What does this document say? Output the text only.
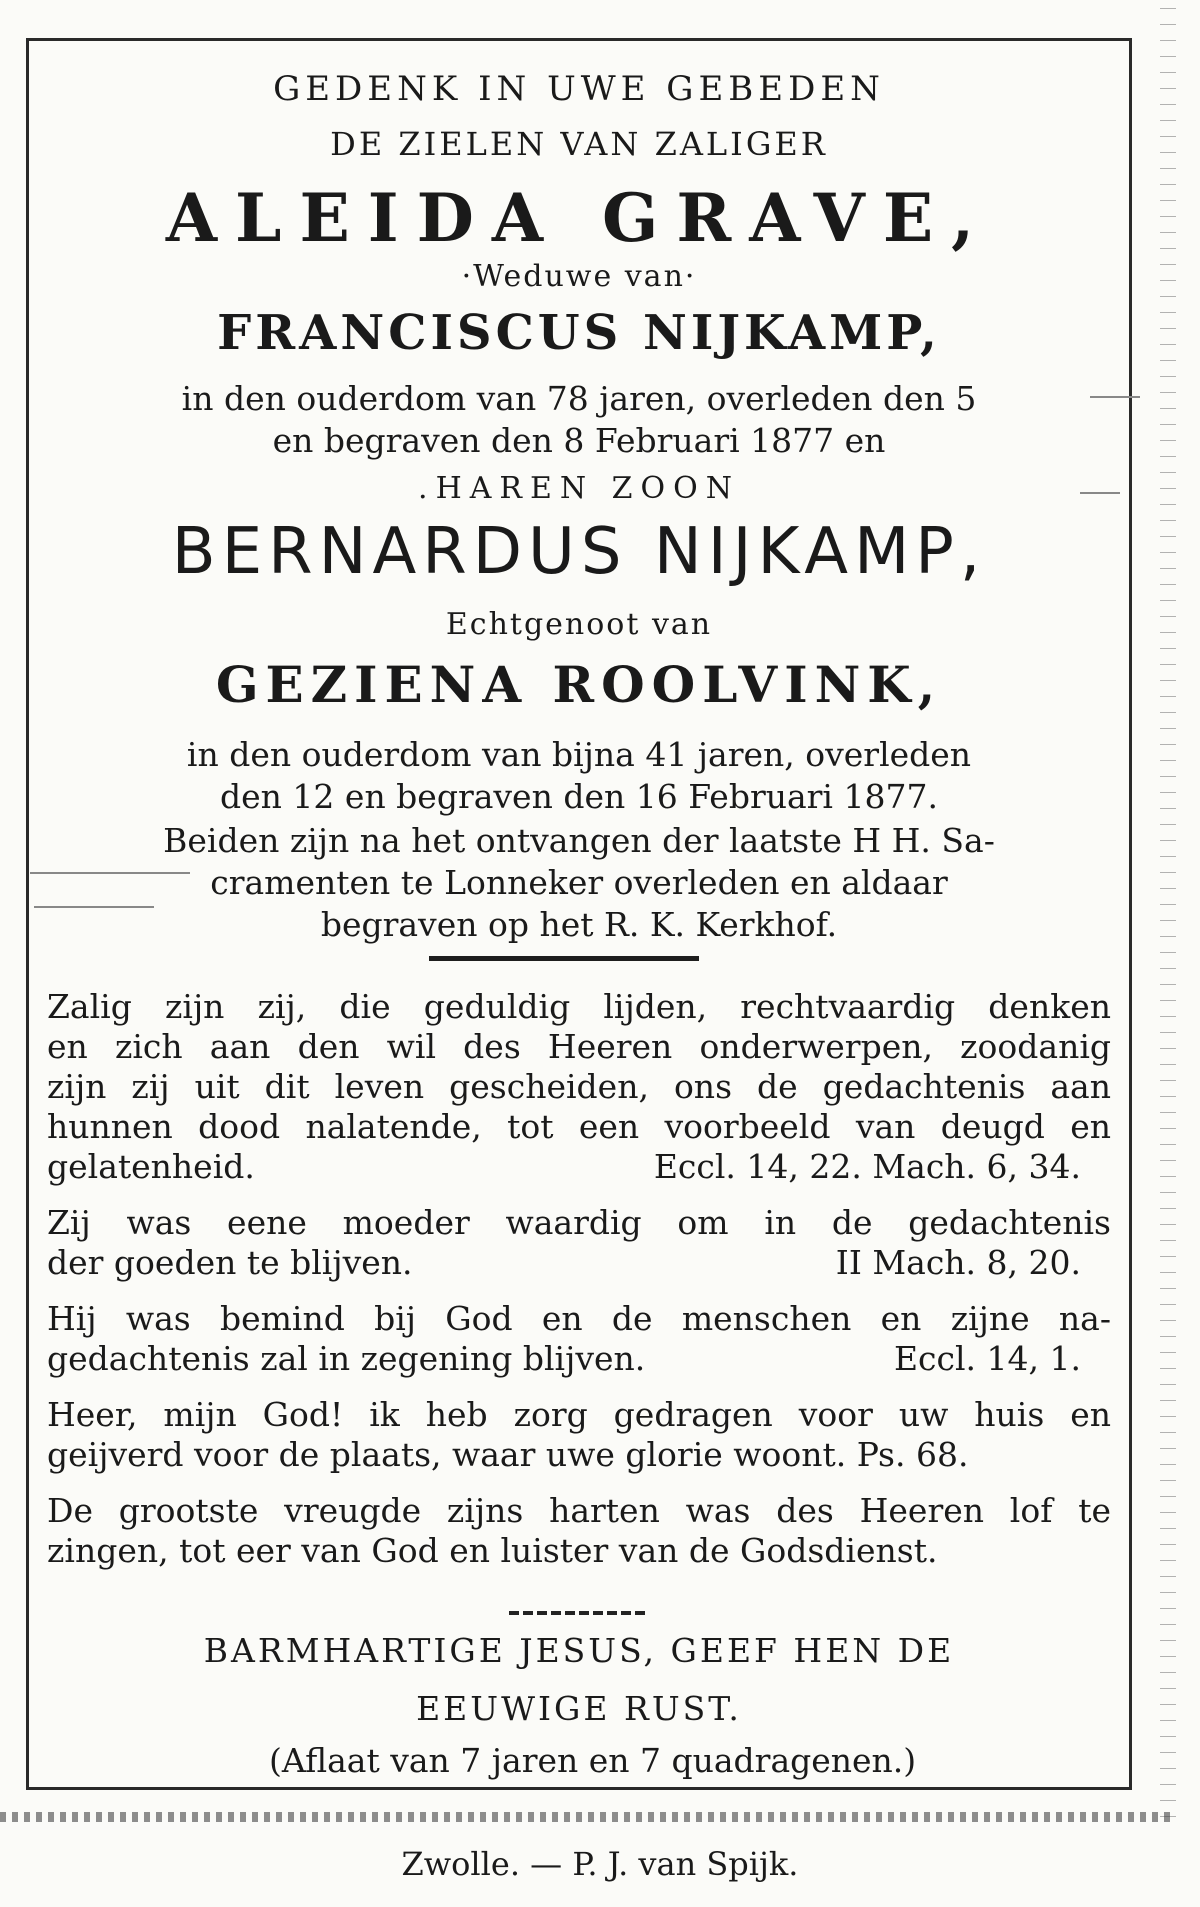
GEDENK IN UWE GEBEDEN
DE ZIELEN VAN ZALIGER
ALEIDA GRAVE,
·Weduwe van·
FRANCISCUS NIJKAMP,
in den ouderdom van 78 jaren, overleden den 5
en begraven den 8 Februari 1877 en
.HAREN ZOON
BERNARDUS NIJKAMP,
Echtgenoot van
GEZIENA ROOLVINK,
in den ouderdom van bijna 41 jaren, overleden
den 12 en begraven den 16 Februari 1877.
Beiden zijn na het ontvangen der laatste H H. Sa-
cramenten te Lonneker overleden en aldaar
begraven op het R. K. Kerkhof.
Zalig zijn zij, die geduldig lijden, rechtvaardig denken
en zich aan den wil des Heeren onderwerpen, zoodanig
zijn zij uit dit leven gescheiden, ons de gedachtenis aan
hunnen dood nalatende, tot een voorbeeld van deugd en
gelatenheid.	Eccl. 14, 22. Mach. 6, 34.
Zij was eene moeder waardig om in de gedachtenis
der goeden te blijven.	II Mach. 8, 20.
Hij was bemind bij God en de menschen en zijne na-
gedachtenis zal in zegening blijven.	Eccl. 14, 1.
Heer, mijn God! ik heb zorg gedragen voor uw huis en
geijverd voor de plaats, waar uwe glorie woont. Ps. 68.
De grootste vreugde zijns harten was des Heeren lof te
zingen, tot eer van God en luister van de Godsdienst.
BARMHARTIGE JESUS, GEEF HEN DE
EEUWIGE RUST.
(Aflaat van 7 jaren en 7 quadragenen.)
Zwolle. — P. J. van Spijk.
